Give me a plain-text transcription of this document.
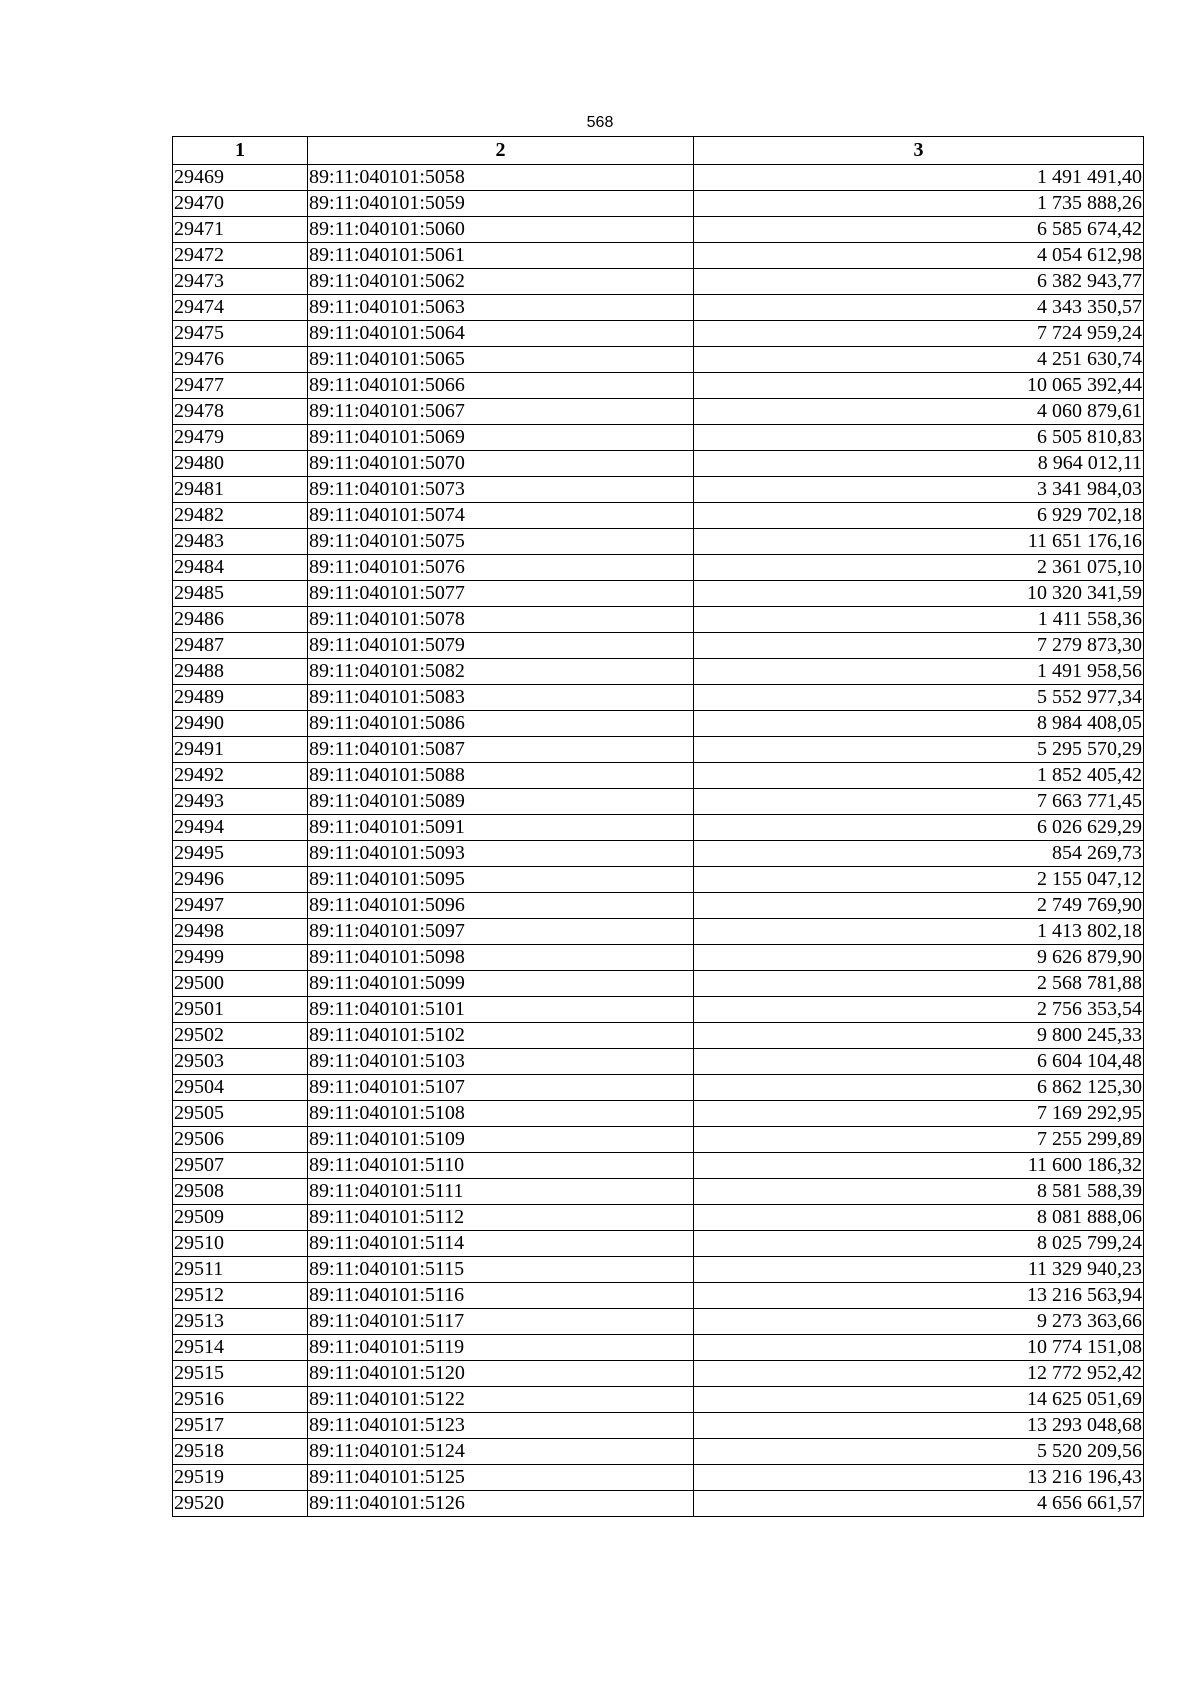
568
1	2	3
29469	89:11:040101:5058	1 491 491,40
29470	89:11:040101:5059	1 735 888,26
29471	89:11:040101:5060	6 585 674,42
29472	89:11:040101:5061	4 054 612,98
29473	89:11:040101:5062	6 382 943,77
29474	89:11:040101:5063	4 343 350,57
29475	89:11:040101:5064	7 724 959,24
29476	89:11:040101:5065	4 251 630,74
29477	89:11:040101:5066	10 065 392,44
29478	89:11:040101:5067	4 060 879,61
29479	89:11:040101:5069	6 505 810,83
29480	89:11:040101:5070	8 964 012,11
29481	89:11:040101:5073	3 341 984,03
29482	89:11:040101:5074	6 929 702,18
29483	89:11:040101:5075	11 651 176,16
29484	89:11:040101:5076	2 361 075,10
29485	89:11:040101:5077	10 320 341,59
29486	89:11:040101:5078	1 411 558,36
29487	89:11:040101:5079	7 279 873,30
29488	89:11:040101:5082	1 491 958,56
29489	89:11:040101:5083	5 552 977,34
29490	89:11:040101:5086	8 984 408,05
29491	89:11:040101:5087	5 295 570,29
29492	89:11:040101:5088	1 852 405,42
29493	89:11:040101:5089	7 663 771,45
29494	89:11:040101:5091	6 026 629,29
29495	89:11:040101:5093	854 269,73
29496	89:11:040101:5095	2 155 047,12
29497	89:11:040101:5096	2 749 769,90
29498	89:11:040101:5097	1 413 802,18
29499	89:11:040101:5098	9 626 879,90
29500	89:11:040101:5099	2 568 781,88
29501	89:11:040101:5101	2 756 353,54
29502	89:11:040101:5102	9 800 245,33
29503	89:11:040101:5103	6 604 104,48
29504	89:11:040101:5107	6 862 125,30
29505	89:11:040101:5108	7 169 292,95
29506	89:11:040101:5109	7 255 299,89
29507	89:11:040101:5110	11 600 186,32
29508	89:11:040101:5111	8 581 588,39
29509	89:11:040101:5112	8 081 888,06
29510	89:11:040101:5114	8 025 799,24
29511	89:11:040101:5115	11 329 940,23
29512	89:11:040101:5116	13 216 563,94
29513	89:11:040101:5117	9 273 363,66
29514	89:11:040101:5119	10 774 151,08
29515	89:11:040101:5120	12 772 952,42
29516	89:11:040101:5122	14 625 051,69
29517	89:11:040101:5123	13 293 048,68
29518	89:11:040101:5124	5 520 209,56
29519	89:11:040101:5125	13 216 196,43
29520	89:11:040101:5126	4 656 661,57
